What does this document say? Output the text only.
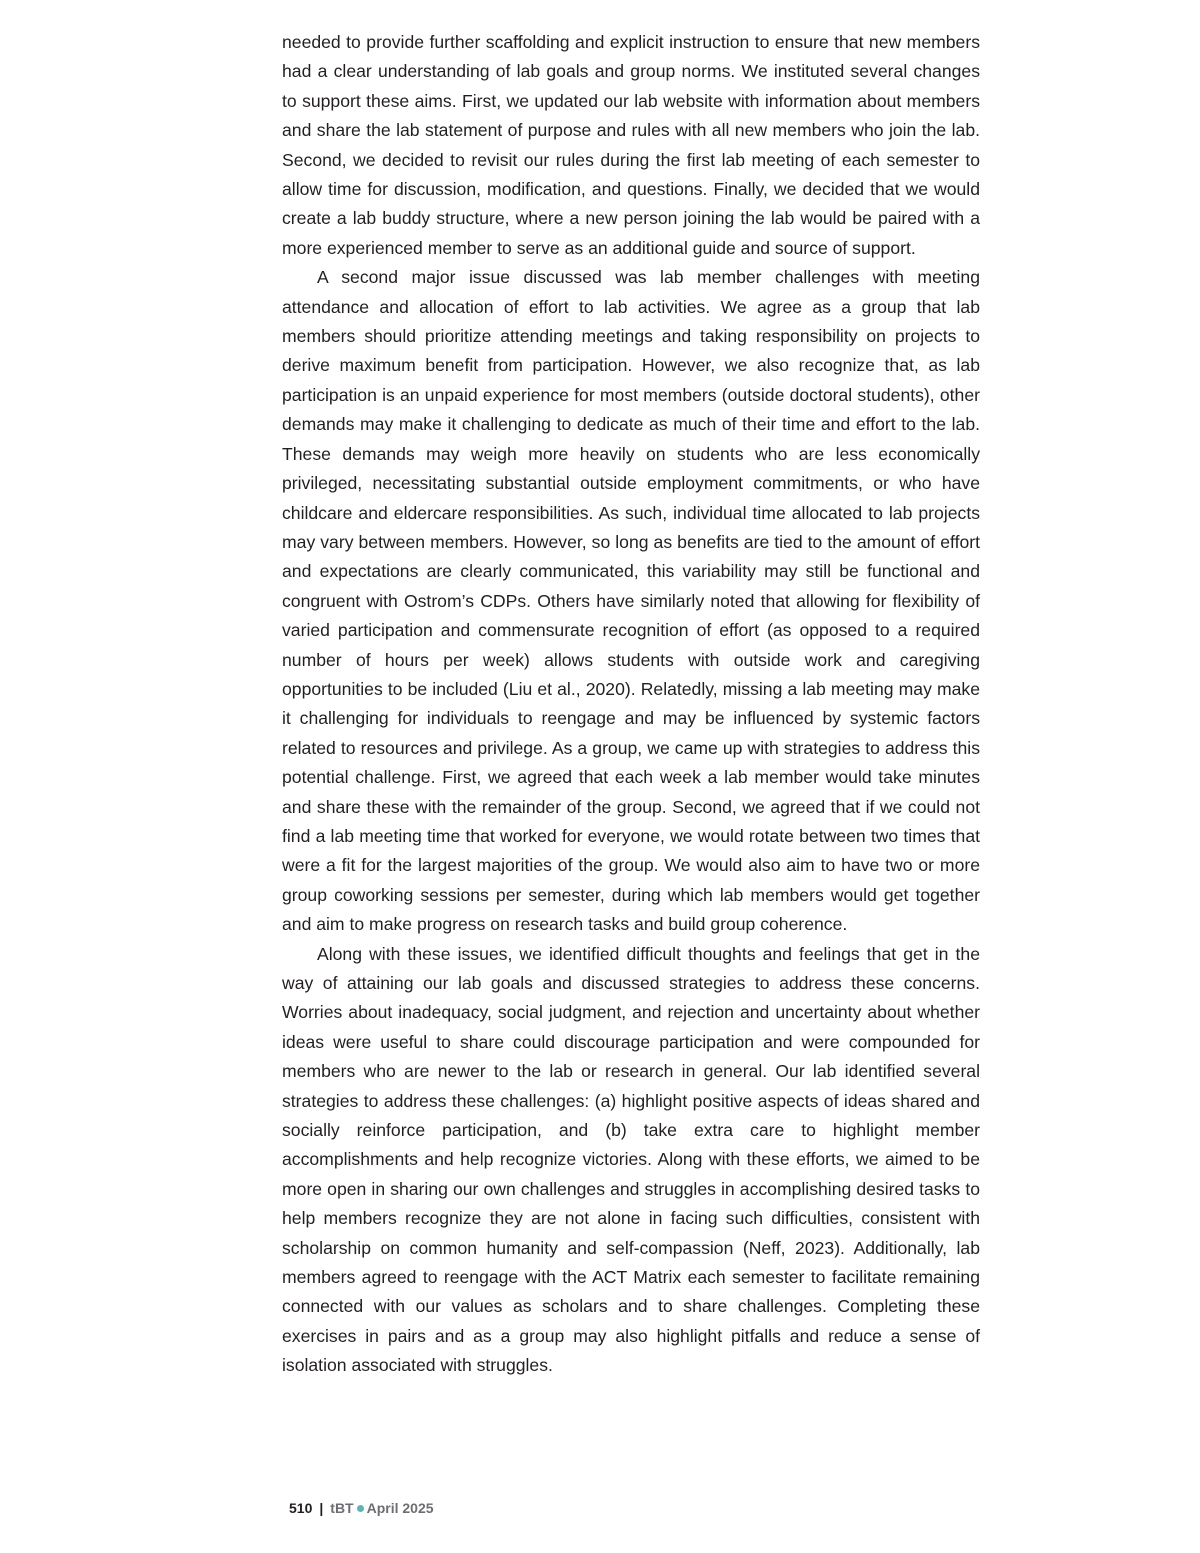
needed to provide further scaffolding and explicit instruction to ensure that new members had a clear understanding of lab goals and group norms. We instituted several changes to support these aims. First, we updated our lab website with information about members and share the lab statement of purpose and rules with all new members who join the lab. Second, we decided to revisit our rules during the first lab meeting of each semester to allow time for discussion, modification, and questions. Finally, we decided that we would create a lab buddy structure, where a new person joining the lab would be paired with a more experienced member to serve as an additional guide and source of support.

A second major issue discussed was lab member challenges with meeting attendance and allocation of effort to lab activities. We agree as a group that lab members should prioritize attending meetings and taking responsibility on projects to derive maximum benefit from participation. However, we also recognize that, as lab participation is an unpaid experience for most members (outside doctoral students), other demands may make it challenging to dedicate as much of their time and effort to the lab. These demands may weigh more heavily on students who are less economically privileged, necessitating substantial outside employment commitments, or who have childcare and eldercare responsibilities. As such, individual time allocated to lab projects may vary between members. However, so long as benefits are tied to the amount of effort and expectations are clearly communicated, this variability may still be functional and congruent with Ostrom’s CDPs. Others have similarly noted that allowing for flexibility of varied participation and commensurate recognition of effort (as opposed to a required number of hours per week) allows students with outside work and caregiving opportunities to be included (Liu et al., 2020). Relatedly, missing a lab meeting may make it challenging for individuals to reengage and may be influenced by systemic factors related to resources and privilege. As a group, we came up with strategies to address this potential challenge. First, we agreed that each week a lab member would take minutes and share these with the remainder of the group. Second, we agreed that if we could not find a lab meeting time that worked for everyone, we would rotate between two times that were a fit for the largest majorities of the group. We would also aim to have two or more group coworking sessions per semester, during which lab members would get together and aim to make progress on research tasks and build group coherence.

Along with these issues, we identified difficult thoughts and feelings that get in the way of attaining our lab goals and discussed strategies to address these concerns. Worries about inadequacy, social judgment, and rejection and uncertainty about whether ideas were useful to share could discourage participation and were compounded for members who are newer to the lab or research in general. Our lab identified several strategies to address these challenges: (a) highlight positive aspects of ideas shared and socially reinforce participation, and (b) take extra care to highlight member accomplishments and help recognize victories. Along with these efforts, we aimed to be more open in sharing our own challenges and struggles in accomplishing desired tasks to help members recognize they are not alone in facing such difficulties, consistent with scholarship on common humanity and self-compassion (Neff, 2023). Additionally, lab members agreed to reengage with the ACT Matrix each semester to facilitate remaining connected with our values as scholars and to share challenges. Completing these exercises in pairs and as a group may also highlight pitfalls and reduce a sense of isolation associated with struggles.

510 | tBT April 2025
